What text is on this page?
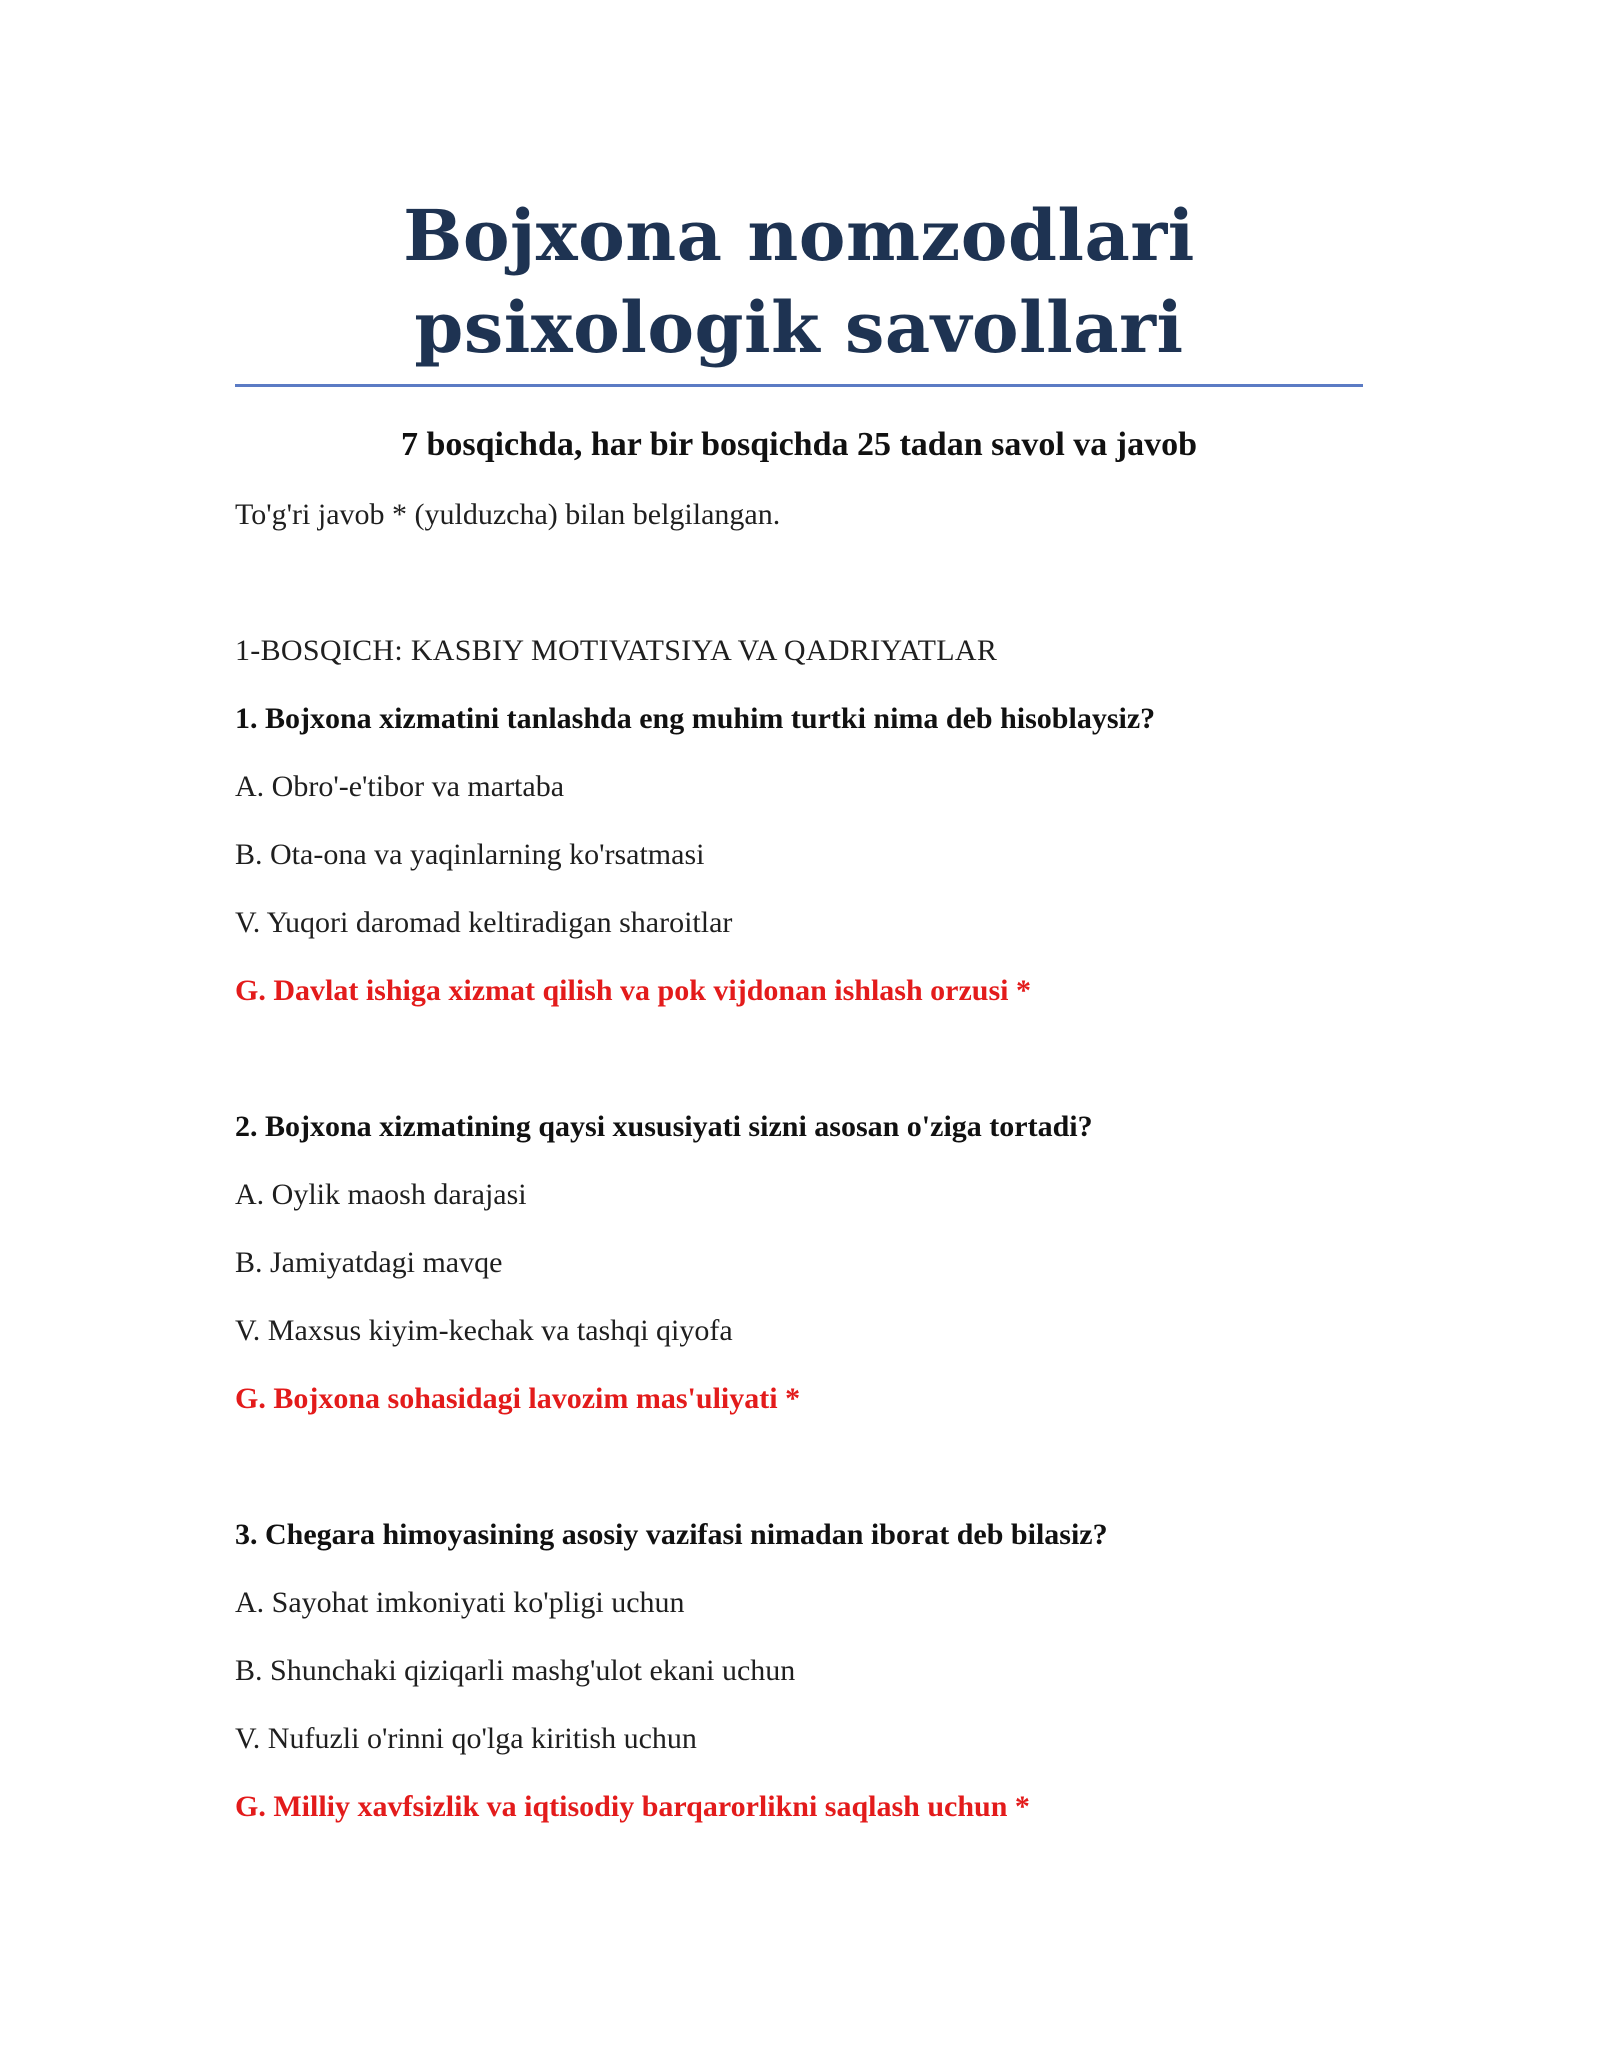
Bojxona nomzodlari psixologik savollari
7 bosqichda, har bir bosqichda 25 tadan savol va javob
To'g'ri javob * (yulduzcha) bilan belgilangan.
1-BOSQICH: KASBIY MOTIVATSIYA VA QADRIYATLAR
1. Bojxona xizmatini tanlashda eng muhim turtki nima deb hisoblaysiz?
A. Obro'-e'tibor va martaba
B. Ota-ona va yaqinlarning ko'rsatmasi
V. Yuqori daromad keltiradigan sharoitlar
G. Davlat ishiga xizmat qilish va pok vijdonan ishlash orzusi *
2. Bojxona xizmatining qaysi xususiyati sizni asosan o'ziga tortadi?
A. Oylik maosh darajasi
B. Jamiyatdagi mavqe
V. Maxsus kiyim-kechak va tashqi qiyofa
G. Bojxona sohasidagi lavozim mas'uliyati *
3. Chegara himoyasining asosiy vazifasi nimadan iborat deb bilasiz?
A. Sayohat imkoniyati ko'pligi uchun
B. Shunchaki qiziqarli mashg'ulot ekani uchun
V. Nufuzli o'rinni qo'lga kiritish uchun
G. Milliy xavfsizlik va iqtisodiy barqarorlikni saqlash uchun *
